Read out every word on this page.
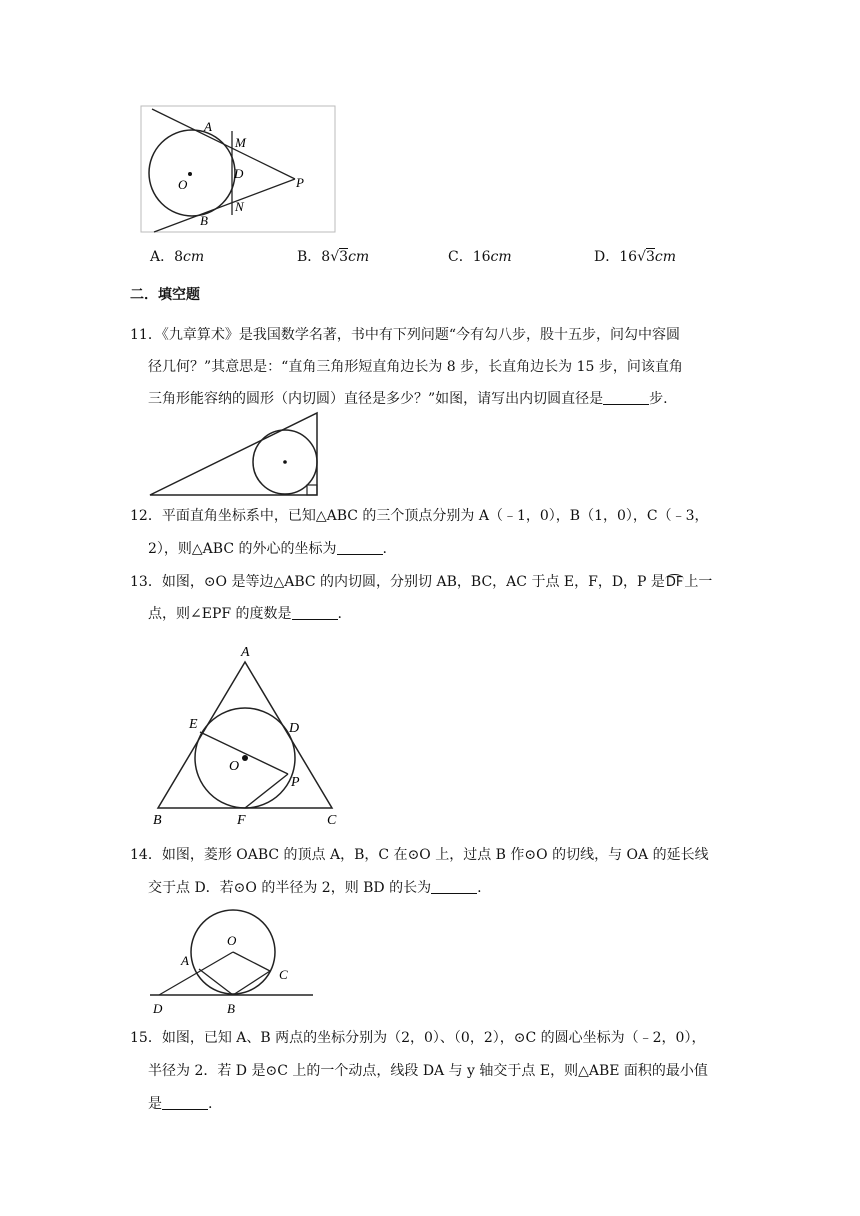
A
M
O
D
P
B
N
A．8cm	B．8√3cm	C．16cm	D．16√3cm
二．填空题
11．《九章算术》是我国数学名著，书中有下列问题“今有勾八步，股十五步，问勾中容圆
径几何？”其意思是：“直角三角形短直角边长为 8 步，长直角边长为 15 步，问该直角
三角形能容纳的圆形（内切圆）直径是多少？”如图，请写出内切圆直径是	步.
12．平面直角坐标系中，已知△ABC 的三个顶点分别为 A（﹣1，0），B（1，0），C（﹣3，
2），则△ABC 的外心的坐标为	.
13．如图，⊙O 是等边△ABC 的内切圆，分别切 AB，BC，AC 于点 E，F，D，P 是DF上一
点，则∠EPF 的度数是	.
A
E	D
O
P
B	F	C
14．如图，菱形 OABC 的顶点 A，B，C 在⊙O 上，过点 B 作⊙O 的切线，与 OA 的延长线
交于点 D．若⊙O 的半径为 2，则 BD 的长为	.
O
A
C
D	B
15．如图，已知 A、B 两点的坐标分别为（2，0）、（0，2），⊙C 的圆心坐标为（﹣2，0），
半径为 2．若 D 是⊙C 上的一个动点，线段 DA 与 y 轴交于点 E，则△ABE 面积的最小值
是	.
